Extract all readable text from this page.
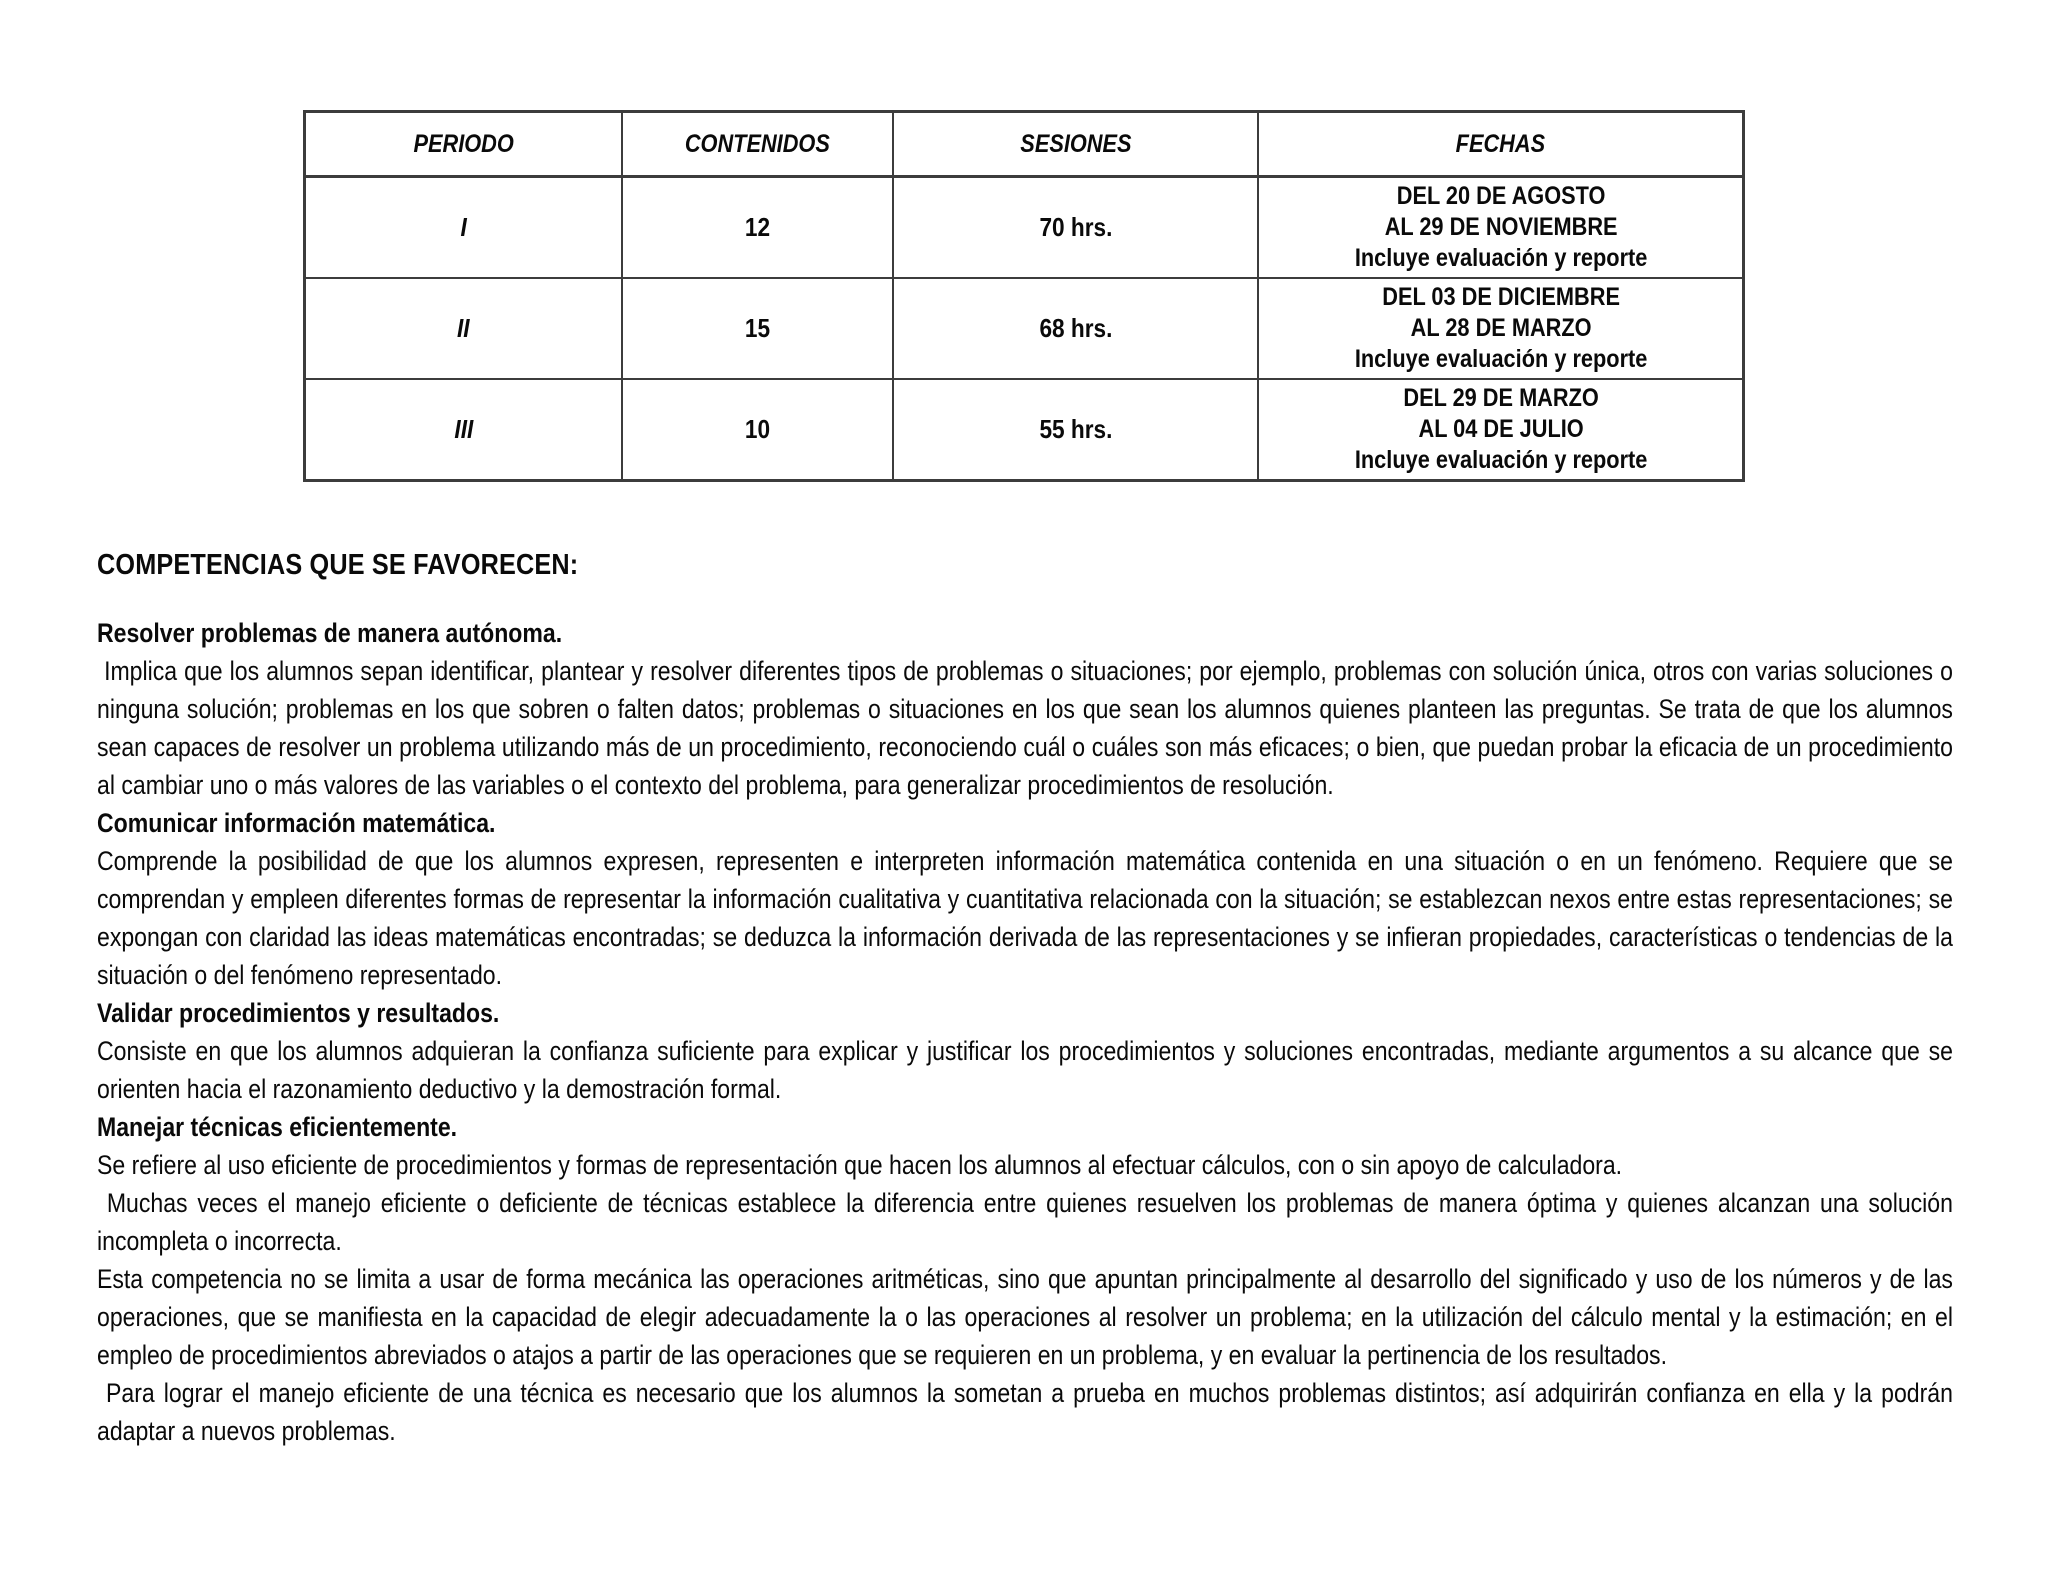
PERIODO	CONTENIDOS	SESIONES	FECHAS
I	12	70 hrs.	DEL 20 DE AGOSTO
AL 29 DE NOVIEMBRE
Incluye evaluación y reporte

II	15	68 hrs.	DEL 03 DE DICIEMBRE
AL 28 DE MARZO
Incluye evaluación y reporte

III	10	55 hrs.	DEL 29 DE MARZO
AL 04 DE JULIO
Incluye evaluación y reporte
COMPETENCIAS QUE SE FAVORECEN:
Resolver problemas de manera autónoma.

Implica que los alumnos sepan identificar, plantear y resolver diferentes tipos de problemas o situaciones; por ejemplo, problemas con solución única, otros con varias soluciones o ninguna solución; problemas en los que sobren o falten datos; problemas o situaciones en los que sean los alumnos quienes planteen las preguntas. Se trata de que los alumnos sean capaces de resolver un problema utilizando más de un procedimiento, reconociendo cuál o cuáles son más eficaces; o bien, que puedan probar la eficacia de un procedimiento al cambiar uno o más valores de las variables o el contexto del problema, para generalizar procedimientos de resolución.

Comunicar información matemática.

Comprende la posibilidad de que los alumnos expresen, representen e interpreten información matemática contenida en una situación o en un fenómeno. Requiere que se comprendan y empleen diferentes formas de representar la información cualitativa y cuantitativa relacionada con la situación; se establezcan nexos entre estas representaciones; se expongan con claridad las ideas matemáticas encontradas; se deduzca la información derivada de las representaciones y se infieran propiedades, características o tendencias de la situación o del fenómeno representado.

Validar procedimientos y resultados.

Consiste en que los alumnos adquieran la confianza suficiente para explicar y justificar los procedimientos y soluciones encontradas, mediante argumentos a su alcance que se orienten hacia el razonamiento deductivo y la demostración formal.

Manejar técnicas eficientemente.

Se refiere al uso eficiente de procedimientos y formas de representación que hacen los alumnos al efectuar cálculos, con o sin apoyo de calculadora.

Muchas veces el manejo eficiente o deficiente de técnicas establece la diferencia entre quienes resuelven los problemas de manera óptima y quienes alcanzan una solución incompleta o incorrecta.

Esta competencia no se limita a usar de forma mecánica las operaciones aritméticas, sino que apuntan principalmente al desarrollo del significado y uso de los números y de las operaciones, que se manifiesta en la capacidad de elegir adecuadamente la o las operaciones al resolver un problema; en la utilización del cálculo mental y la estimación; en el empleo de procedimientos abreviados o atajos a partir de las operaciones que se requieren en un problema, y en evaluar la pertinencia de los resultados.

Para lograr el manejo eficiente de una técnica es necesario que los alumnos la sometan a prueba en muchos problemas distintos; así adquirirán confianza en ella y la podrán adaptar a nuevos problemas.
